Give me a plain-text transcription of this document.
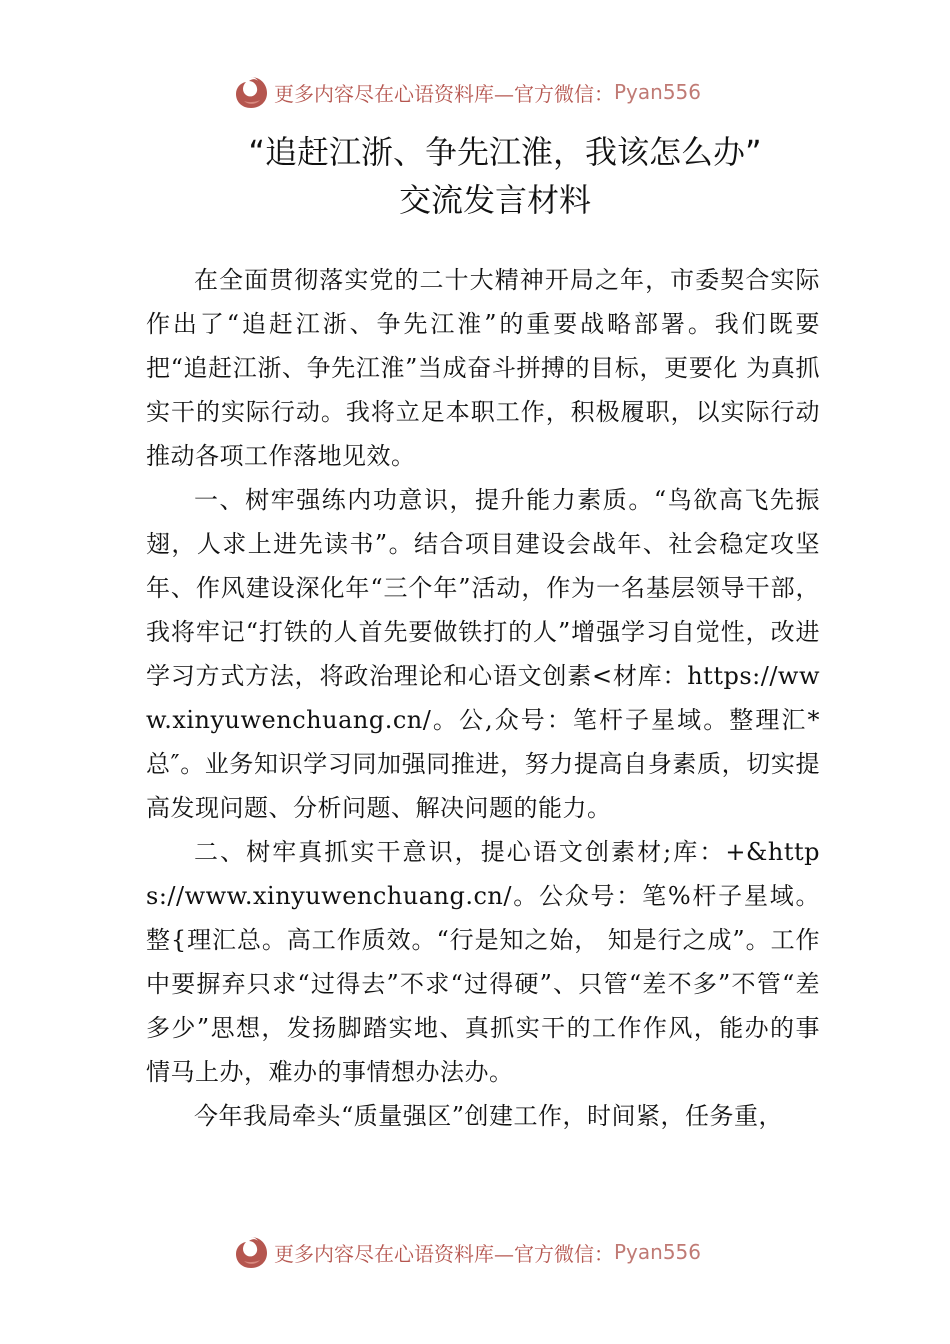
更多内容尽在心语资料库—官方微信： Pyan556
“追赶江浙、争先江淮，我该怎么办”
交流发言材料

在全面贯彻落实党的二十大精神开局之年，市委契合实际作出了“追赶江浙、争先江淮”的重要战略部署。我们既要把“追赶江浙、争先江淮”当成奋斗拼搏的目标，更要化 为真抓实干的实际行动。我将立足本职工作，积极履职，以实际行动推动各项工作落地见效。

一、树牢强练内功意识，提升能力素质。“鸟欲高飞先振翅，人求上进先读书”。结合项目建设会战年、社会稳定攻坚年、作风建设深化年“三个年”活动，作为一名基层领导干部，我将牢记“打铁的人首先要做铁打的人”增强学习自觉性，改进学习方式方法，将政治理论和心语文创素<材库：https://www.xinyuwenchuang.cn/。公,众号：笔杆子星域。整理汇*总″。业务知识学习同加强同推进，努力提高自身素质，切实提高发现问题、分析问题、解决问题的能力。

二、树牢真抓实干意识，提心语文创素材;库：+&https://www.xinyuwenchuang.cn/。公众号：笔%杆子星域。整{理汇总。高工作质效。“行是知之始， 知是行之成”。工作中要摒弃只求“过得去”不求“过得硬”、只管“差不多”不管“差多少”思想，发扬脚踏实地、真抓实干的工作作风，能办的事情马上办，难办的事情想办法办。

今年我局牵头“质量强区”创建工作，时间紧，任务重，

更多内容尽在心语资料库—官方微信： Pyan556
